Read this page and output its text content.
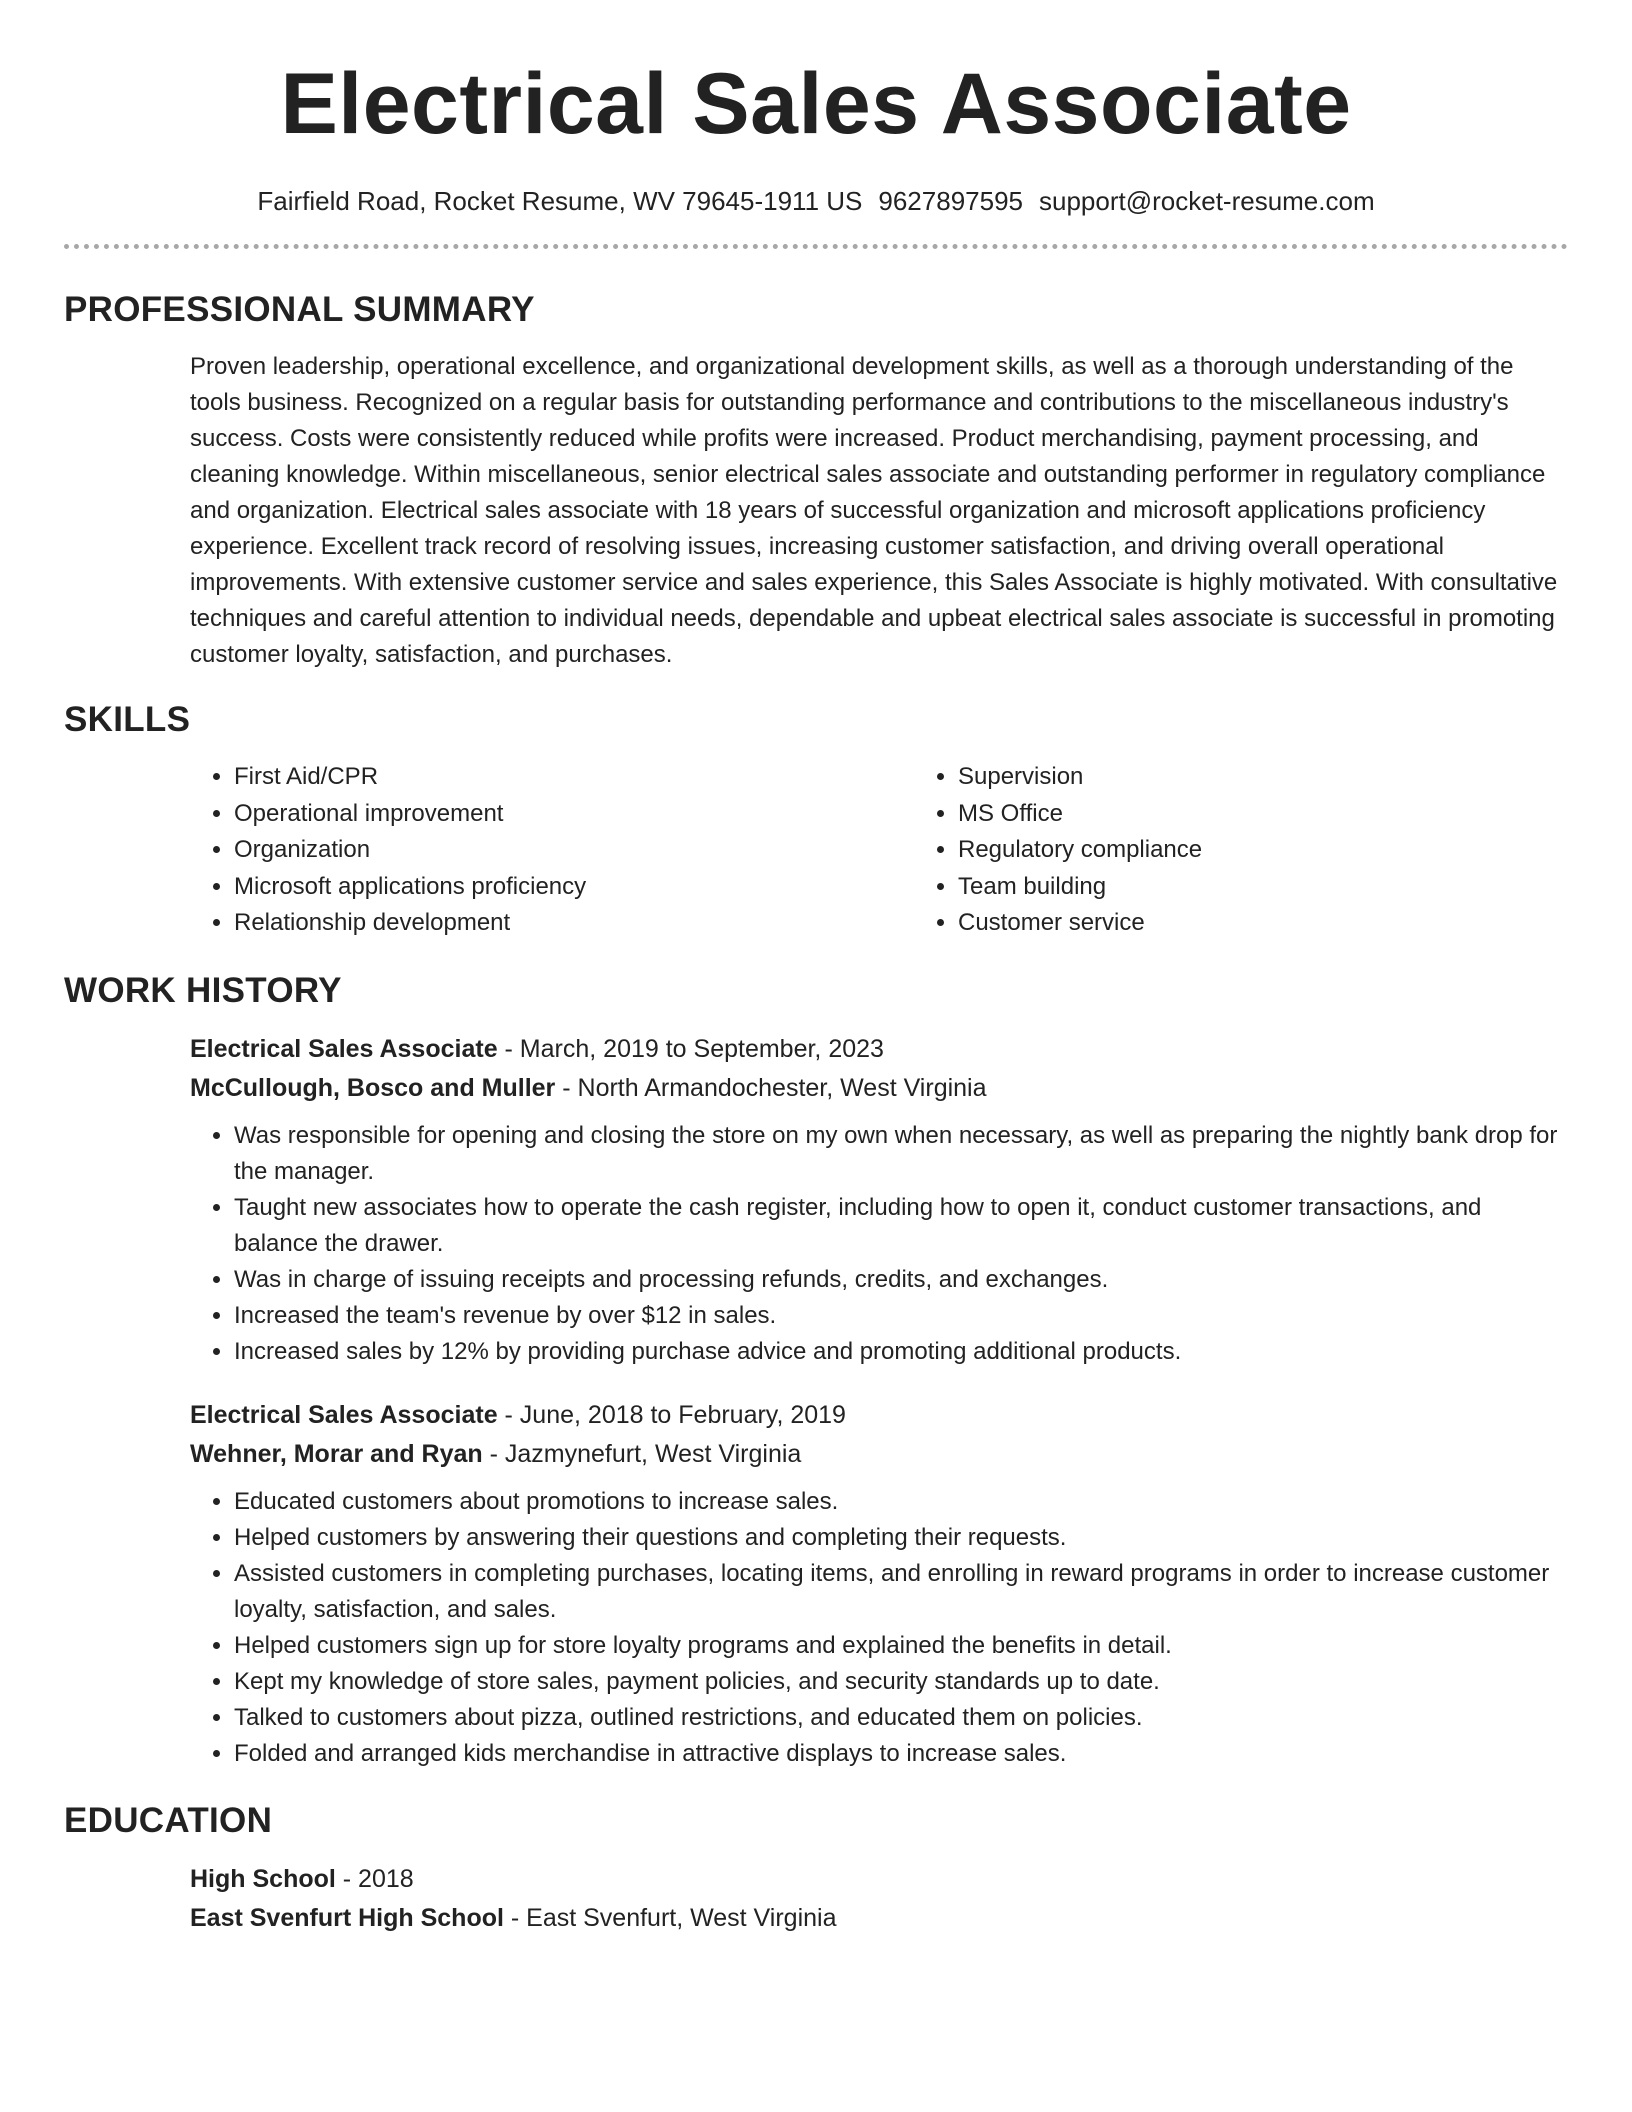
Electrical Sales Associate
Fairfield Road, Rocket Resume, WV 79645-1911 US 9627897595 support@rocket-resume.com
PROFESSIONAL SUMMARY

Proven leadership, operational excellence, and organizational development skills, as well as a thorough understanding of the tools business. Recognized on a regular basis for outstanding performance and contributions to the miscellaneous industry's success. Costs were consistently reduced while profits were increased. Product merchandising, payment processing, and cleaning knowledge. Within miscellaneous, senior electrical sales associate and outstanding performer in regulatory compliance and organization. Electrical sales associate with 18 years of successful organization and microsoft applications proficiency experience. Excellent track record of resolving issues, increasing customer satisfaction, and driving overall operational improvements. With extensive customer service and sales experience, this Sales Associate is highly motivated. With consultative techniques and careful attention to individual needs, dependable and upbeat electrical sales associate is successful in promoting customer loyalty, satisfaction, and purchases.

SKILLS
• First Aid/CPR
• Operational improvement
• Organization
• Microsoft applications proficiency
• Relationship development
• Supervision
• MS Office
• Regulatory compliance
• Team building
• Customer service
WORK HISTORY
Electrical Sales Associate - March, 2019 to September, 2023
McCullough, Bosco and Muller - North Armandochester, West Virginia
• Was responsible for opening and closing the store on my own when necessary, as well as preparing the nightly bank drop for the manager.
• Taught new associates how to operate the cash register, including how to open it, conduct customer transactions, and balance the drawer.
• Was in charge of issuing receipts and processing refunds, credits, and exchanges.
• Increased the team's revenue by over $12 in sales.
• Increased sales by 12% by providing purchase advice and promoting additional products.
Electrical Sales Associate - June, 2018 to February, 2019
Wehner, Morar and Ryan - Jazmynefurt, West Virginia
• Educated customers about promotions to increase sales.
• Helped customers by answering their questions and completing their requests.
• Assisted customers in completing purchases, locating items, and enrolling in reward programs in order to increase customer loyalty, satisfaction, and sales.
• Helped customers sign up for store loyalty programs and explained the benefits in detail.
• Kept my knowledge of store sales, payment policies, and security standards up to date.
• Talked to customers about pizza, outlined restrictions, and educated them on policies.
• Folded and arranged kids merchandise in attractive displays to increase sales.
EDUCATION
High School - 2018
East Svenfurt High School - East Svenfurt, West Virginia
